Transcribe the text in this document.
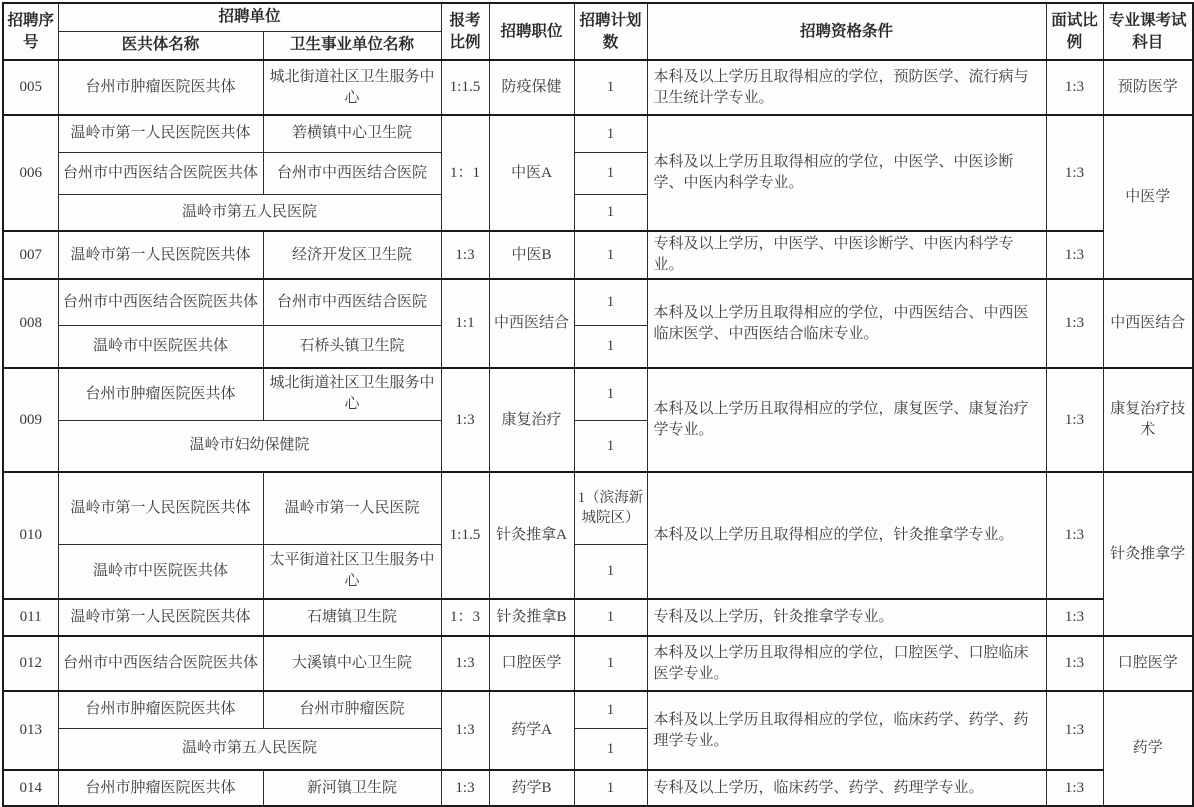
招聘序号	招聘单位		报考比例	招聘职位	招聘计划数	招聘资格条件	面试比例	专业课考试科目
	医共体名称	卫生事业单位名称						
005	台州市肿瘤医院医共体	城北街道社区卫生服务中心	1:1.5	防疫保健	1	本科及以上学历且取得相应的学位，预防医学、流行病与卫生统计学专业。	1:3	预防医学
006	温岭市第一人民医院医共体	箬横镇中心卫生院	1：1	中医A	1	本科及以上学历且取得相应的学位，中医学、中医诊断学、中医内科学专业。	1:3	中医学
	台州市中西医结合医院医共体	台州市中西医结合医院			1			
	温岭市第五人民医院				1			
007	温岭市第一人民医院医共体	经济开发区卫生院	1:3	中医B	1	专科及以上学历，中医学、中医诊断学、中医内科学专业。	1:3	
008	台州市中西医结合医院医共体	台州市中西医结合医院	1:1	中西医结合	1	本科及以上学历且取得相应的学位，中西医结合、中西医临床医学、中西医结合临床专业。	1:3	中西医结合
	温岭市中医院医共体	石桥头镇卫生院			1			
009	台州市肿瘤医院医共体	城北街道社区卫生服务中心	1:3	康复治疗	1	本科及以上学历且取得相应的学位，康复医学、康复治疗学专业。	1:3	康复治疗技术
	温岭市妇幼保健院				1			
010	温岭市第一人民医院医共体	温岭市第一人民医院	1:1.5	针灸推拿A	1（滨海新城院区）	本科及以上学历且取得相应的学位，针灸推拿学专业。	1:3	针灸推拿学
	温岭市中医院医共体	太平街道社区卫生服务中心			1			
011	温岭市第一人民医院医共体	石塘镇卫生院	1：3	针灸推拿B	1	专科及以上学历，针灸推拿学专业。	1:3	
012	台州市中西医结合医院医共体	大溪镇中心卫生院	1:3	口腔医学	1	本科及以上学历且取得相应的学位，口腔医学、口腔临床医学专业。	1:3	口腔医学
013	台州市肿瘤医院医共体	台州市肿瘤医院	1:3	药学A	1	本科及以上学历且取得相应的学位，临床药学、药学、药理学专业。	1:3	药学
	温岭市第五人民医院				1			
014	台州市肿瘤医院医共体	新河镇卫生院	1:3	药学B	1	专科及以上学历，临床药学、药学、药理学专业。	1:3	
